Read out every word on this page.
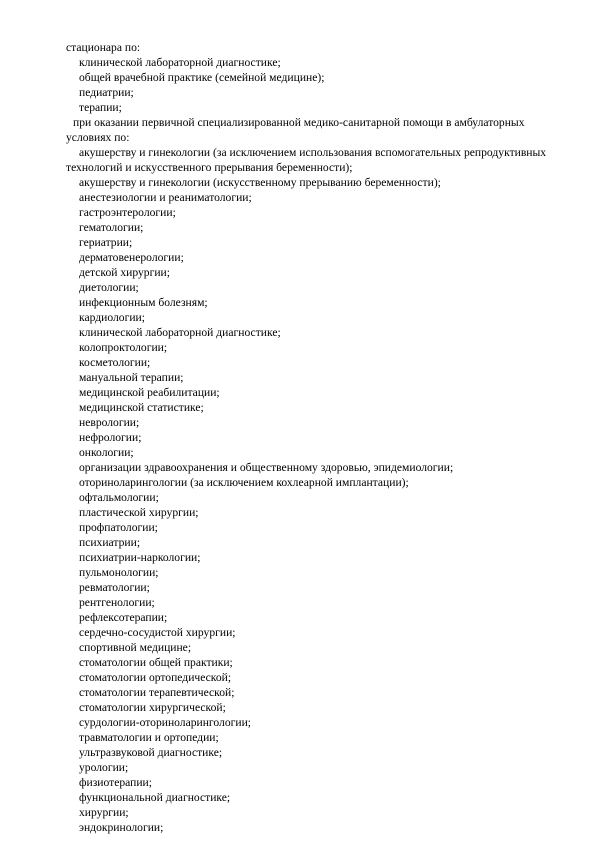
стационара по:

клинической лабораторной диагностике;

общей врачебной практике (семейной медицине);

педиатрии;

терапии;

при оказании первичной специализированной медико-санитарной помощи в амбулаторных

условиях по:

акушерству и гинекологии (за исключением использования вспомогательных репродуктивных

технологий и искусственного прерывания беременности);

акушерству и гинекологии (искусственному прерыванию беременности);

анестезиологии и реаниматологии;

гастроэнтерологии;

гематологии;

гериатрии;

дерматовенерологии;

детской хирургии;

диетологии;

инфекционным болезням;

кардиологии;

клинической лабораторной диагностике;

колопроктологии;

косметологии;

мануальной терапии;

медицинской реабилитации;

медицинской статистике;

неврологии;

нефрологии;

онкологии;

организации здравоохранения и общественному здоровью, эпидемиологии;

оториноларингологии (за исключением кохлеарной имплантации);

офтальмологии;

пластической хирургии;

профпатологии;

психиатрии;

психиатрии-наркологии;

пульмонологии;

ревматологии;

рентгенологии;

рефлексотерапии;

сердечно-сосудистой хирургии;

спортивной медицине;

стоматологии общей практики;

стоматологии ортопедической;

стоматологии терапевтической;

стоматологии хирургической;

сурдологии-оториноларингологии;

травматологии и ортопедии;

ультразвуковой диагностике;

урологии;

физиотерапии;

функциональной диагностике;

хирургии;

эндокринологии;
